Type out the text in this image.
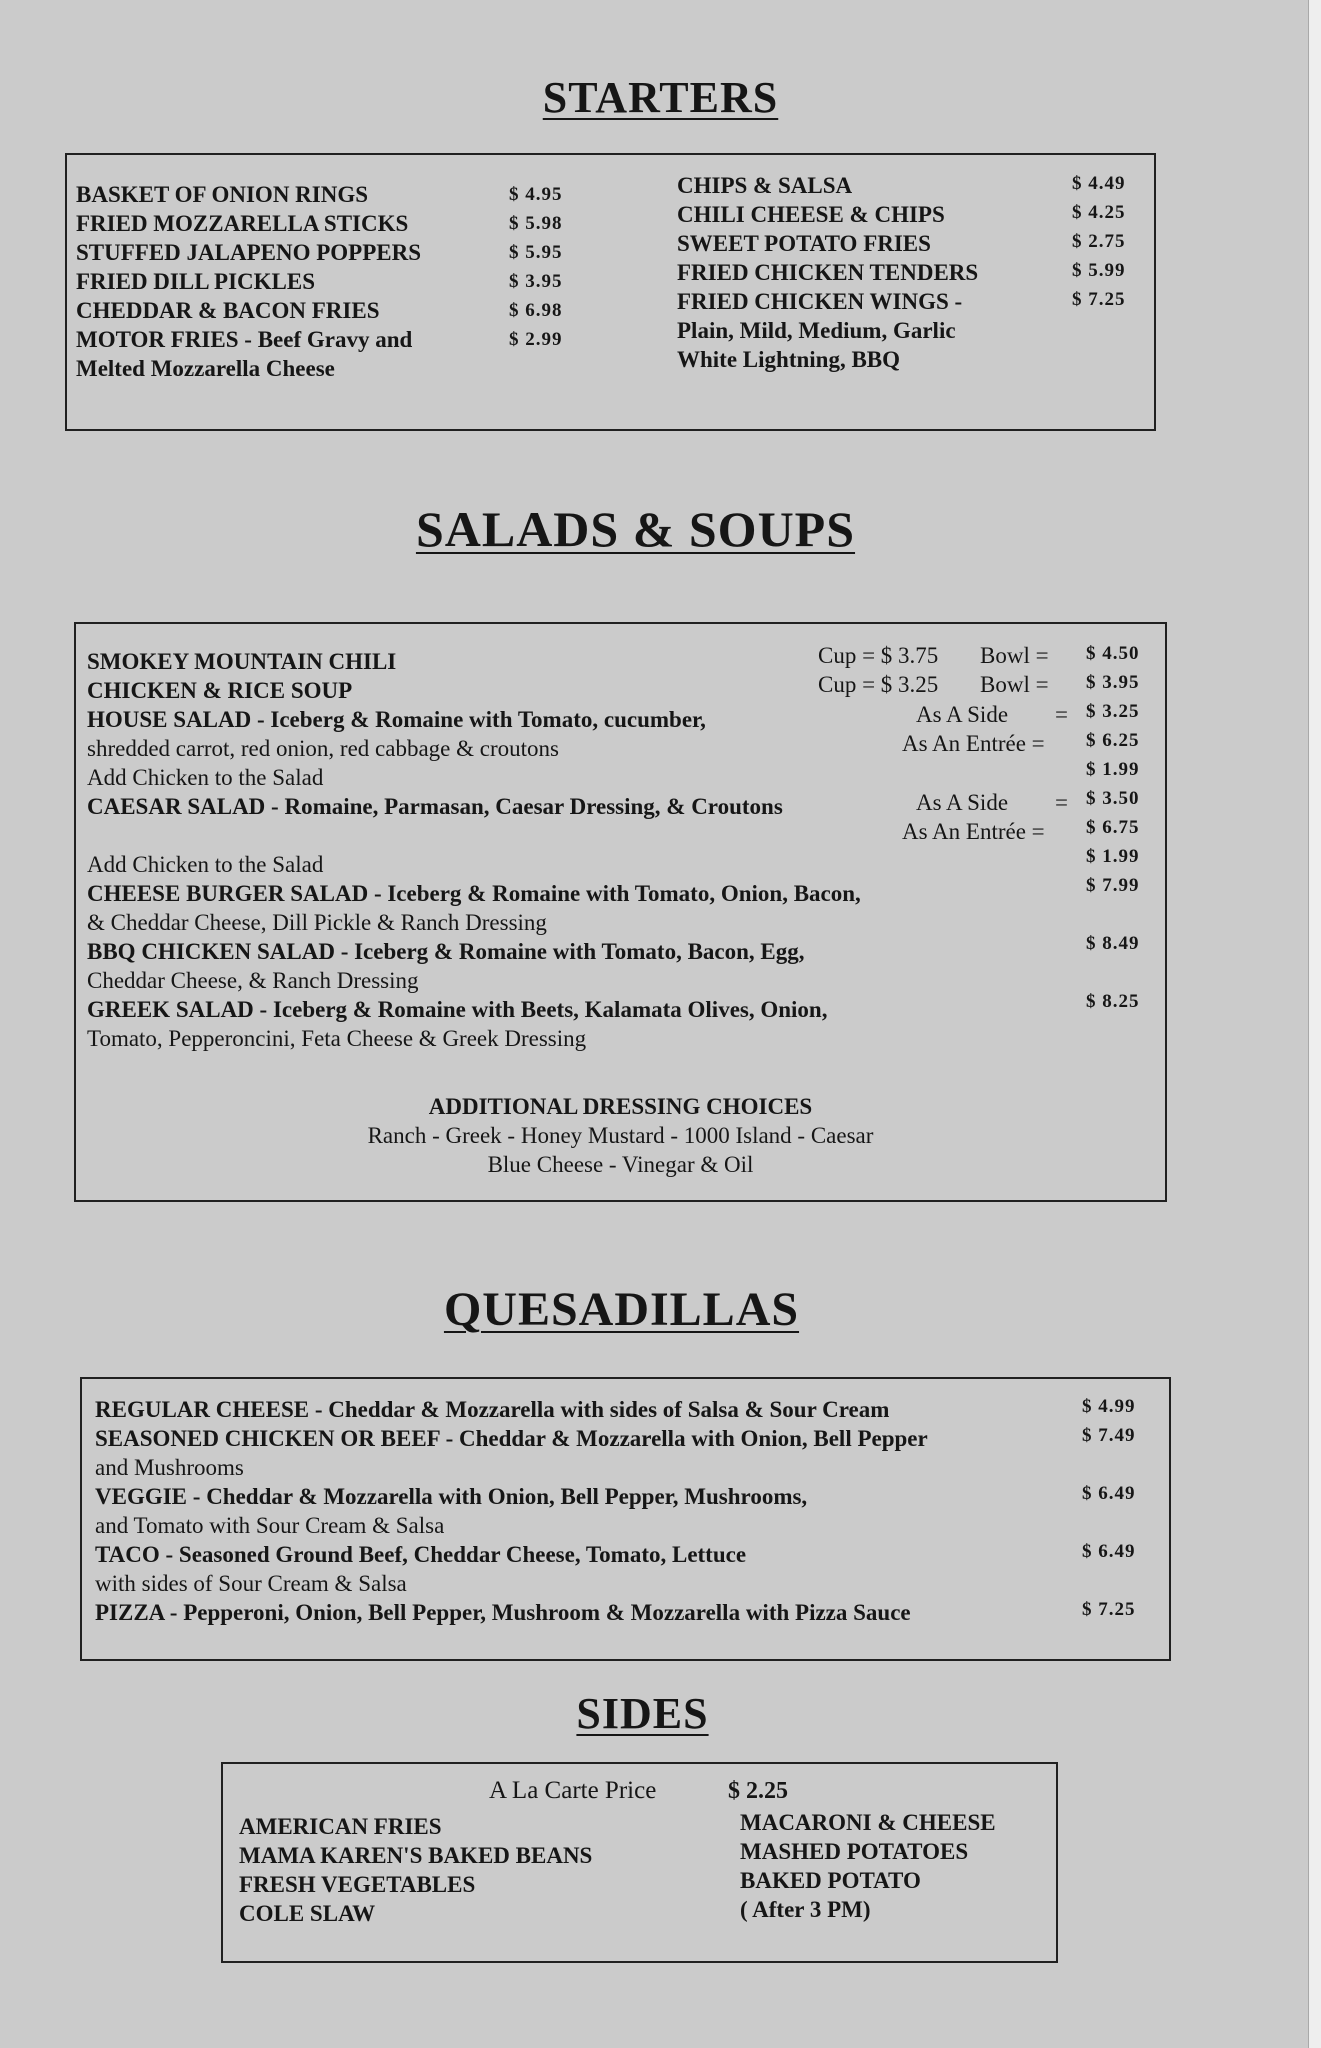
STARTERS
BASKET OF ONION RINGS	$ 4.95
FRIED MOZZARELLA STICKS	$ 5.98
STUFFED JALAPENO POPPERS	$ 5.95
FRIED DILL PICKLES	$ 3.95
CHEDDAR & BACON FRIES	$ 6.98
MOTOR FRIES - Beef Gravy and	$ 2.99
Melted Mozzarella Cheese
CHIPS & SALSA	$ 4.49
CHILI CHEESE & CHIPS	$ 4.25
SWEET POTATO FRIES	$ 2.75
FRIED CHICKEN TENDERS	$ 5.99
FRIED CHICKEN WINGS -	$ 7.25
Plain, Mild, Medium, Garlic
White Lightning, BBQ
SALADS & SOUPS
SMOKEY MOUNTAIN CHILI	Cup = $ 3.75 Bowl = $ 4.50
CHICKEN & RICE SOUP	Cup = $ 3.25 Bowl = $ 3.95
HOUSE SALAD - Iceberg & Romaine with Tomato, cucumber,
shredded carrot, red onion, red cabbage & croutons
As A Side = $ 3.25
As An Entrée = $ 6.25
Add Chicken to the Salad	$ 1.99
CAESAR SALAD - Romaine, Parmasan, Caesar Dressing, & Croutons	As A Side = $ 3.50
As An Entrée = $ 6.75
Add Chicken to the Salad	$ 1.99
CHEESE BURGER SALAD - Iceberg & Romaine with Tomato, Onion, Bacon,
& Cheddar Cheese, Dill Pickle & Ranch Dressing
$ 7.99
BBQ CHICKEN SALAD - Iceberg & Romaine with Tomato, Bacon, Egg,
Cheddar Cheese, & Ranch Dressing
$ 8.49
GREEK SALAD - Iceberg & Romaine with Beets, Kalamata Olives, Onion,
Tomato, Pepperoncini, Feta Cheese & Greek Dressing
$ 8.25
ADDITIONAL DRESSING CHOICES
Ranch - Greek - Honey Mustard - 1000 Island - Caesar
Blue Cheese - Vinegar & Oil
QUESADILLAS
REGULAR CHEESE - Cheddar & Mozzarella with sides of Salsa & Sour Cream	$ 4.99
SEASONED CHICKEN OR BEEF - Cheddar & Mozzarella with Onion, Bell Pepper
and Mushrooms
$ 7.49
VEGGIE - Cheddar & Mozzarella with Onion, Bell Pepper, Mushrooms,
and Tomato with Sour Cream & Salsa
$ 6.49
TACO - Seasoned Ground Beef, Cheddar Cheese, Tomato, Lettuce
with sides of Sour Cream & Salsa
$ 6.49
PIZZA - Pepperoni, Onion, Bell Pepper, Mushroom & Mozzarella with Pizza Sauce	$ 7.25
SIDES
A La Carte Price	$ 2.25
AMERICAN FRIES
MAMA KAREN'S BAKED BEANS
FRESH VEGETABLES
COLE SLAW
MACARONI & CHEESE
MASHED POTATOES
BAKED POTATO
( After 3 PM)
